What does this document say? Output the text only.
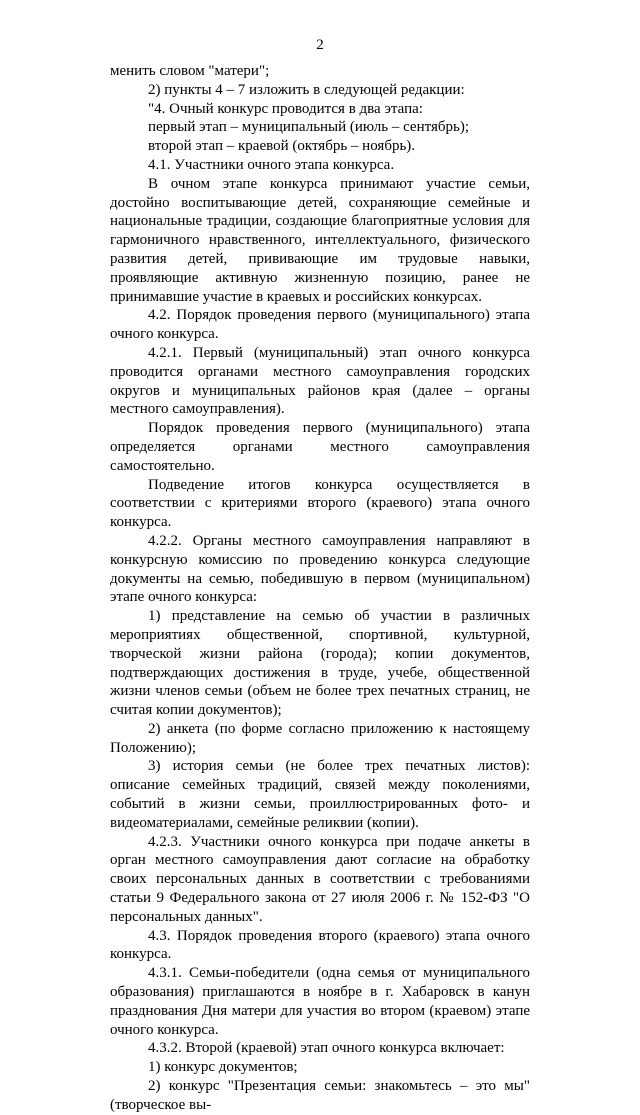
2

менить словом "матери";

2) пункты 4 – 7 изложить в следующей редакции:

"4. Очный конкурс проводится в два этапа:

первый этап – муниципальный (июль – сентябрь);

второй этап – краевой (октябрь – ноябрь).

4.1. Участники очного этапа конкурса.

В очном этапе конкурса принимают участие семьи, достойно воспитывающие детей, сохраняющие семейные и национальные традиции, создающие благоприятные условия для гармоничного нравственного, интеллектуального, физического развития детей, прививающие им трудовые навыки, проявляющие активную жизненную позицию, ранее не принимавшие участие в краевых и российских конкурсах.

4.2. Порядок проведения первого (муниципального) этапа очного конкурса.

4.2.1. Первый (муниципальный) этап очного конкурса проводится органами местного самоуправления городских округов и муниципальных районов края (далее – органы местного самоуправления).

Порядок проведения первого (муниципального) этапа определяется органами местного самоуправления самостоятельно.

Подведение итогов конкурса осуществляется в соответствии с критериями второго (краевого) этапа очного конкурса.

4.2.2. Органы местного самоуправления направляют в конкурсную комиссию по проведению конкурса следующие документы на семью, победившую в первом (муниципальном) этапе очного конкурса:

1) представление на семью об участии в различных мероприятиях общественной, спортивной, культурной, творческой жизни района (города); копии документов, подтверждающих достижения в труде, учебе, общественной жизни членов семьи (объем не более трех печатных страниц, не считая копии документов);

2) анкета (по форме согласно приложению к настоящему Положению);

3) история семьи (не более трех печатных листов): описание семейных традиций, связей между поколениями, событий в жизни семьи, проиллюстрированных фото- и видеоматериалами, семейные реликвии (копии).

4.2.3. Участники очного конкурса при подаче анкеты в орган местного самоуправления дают согласие на обработку своих персональных данных в соответствии с требованиями статьи 9 Федерального закона от 27 июля 2006 г. № 152-ФЗ "О персональных данных".

4.3. Порядок проведения второго (краевого) этапа очного конкурса.

4.3.1. Семьи-победители (одна семья от муниципального образования) приглашаются в ноябре в г. Хабаровск в канун празднования Дня матери для участия во втором (краевом) этапе очного конкурса.

4.3.2. Второй (краевой) этап очного конкурса включает:

1) конкурс документов;

2) конкурс "Презентация семьи: знакомьтесь – это мы" (творческое вы-
